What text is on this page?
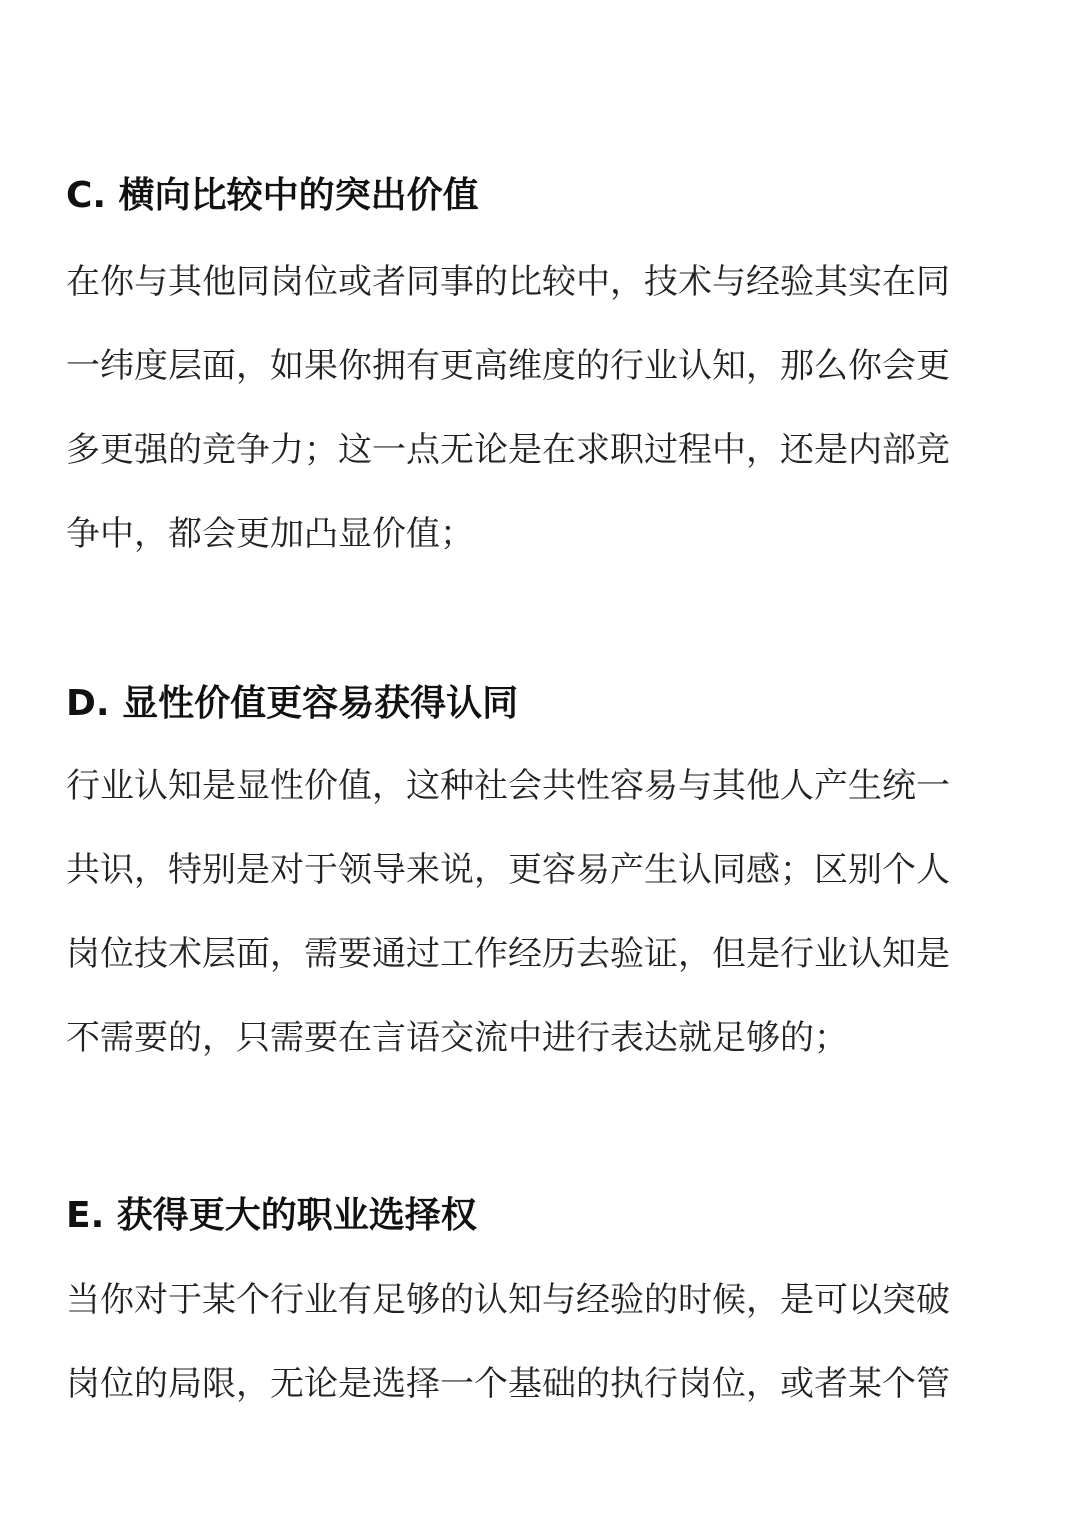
C. 横向比较中的突出价值
在你与其他同岗位或者同事的比较中，技术与经验其实在同
一纬度层面，如果你拥有更高维度的行业认知，那么你会更
多更强的竞争力；这一点无论是在求职过程中，还是内部竞
争中，都会更加凸显价值；
D. 显性价值更容易获得认同
行业认知是显性价值，这种社会共性容易与其他人产生统一
共识，特别是对于领导来说，更容易产生认同感；区别个人
岗位技术层面，需要通过工作经历去验证，但是行业认知是
不需要的，只需要在言语交流中进行表达就足够的；
E. 获得更大的职业选择权
当你对于某个行业有足够的认知与经验的时候，是可以突破
岗位的局限，无论是选择一个基础的执行岗位，或者某个管
